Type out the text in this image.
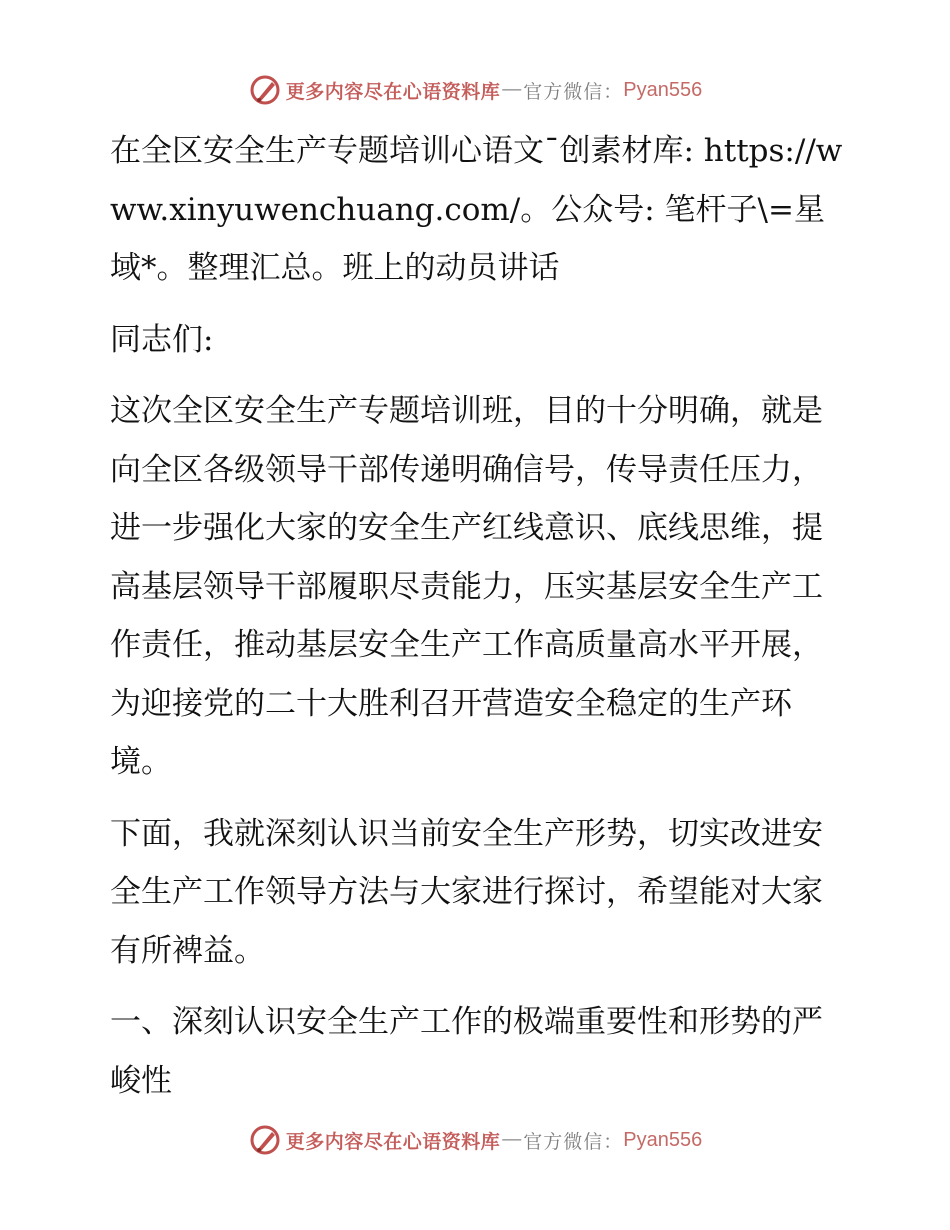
更多内容尽在心语资料库 — 官方微信： Pyan556

在全区安全生产专题培训心语文¯创素材库: https://www.xinyuwenchuang.com/。公众号: 笔杆子\=星域*。整理汇总。班上的动员讲话

同志们:

这次全区安全生产专题培训班，目的十分明确，就是向全区各级领导干部传递明确信号，传导责任压力，进一步强化大家的安全生产红线意识、底线思维，提高基层领导干部履职尽责能力，压实基层安全生产工作责任，推动基层安全生产工作高质量高水平开展，为迎接党的二十大胜利召开营造安全稳定的生产环境。

下面，我就深刻认识当前安全生产形势，切实改进安全生产工作领导方法与大家进行探讨，希望能对大家有所裨益。

一、深刻认识安全生产工作的极端重要性和形势的严峻性

更多内容尽在心语资料库 — 官方微信： Pyan556
